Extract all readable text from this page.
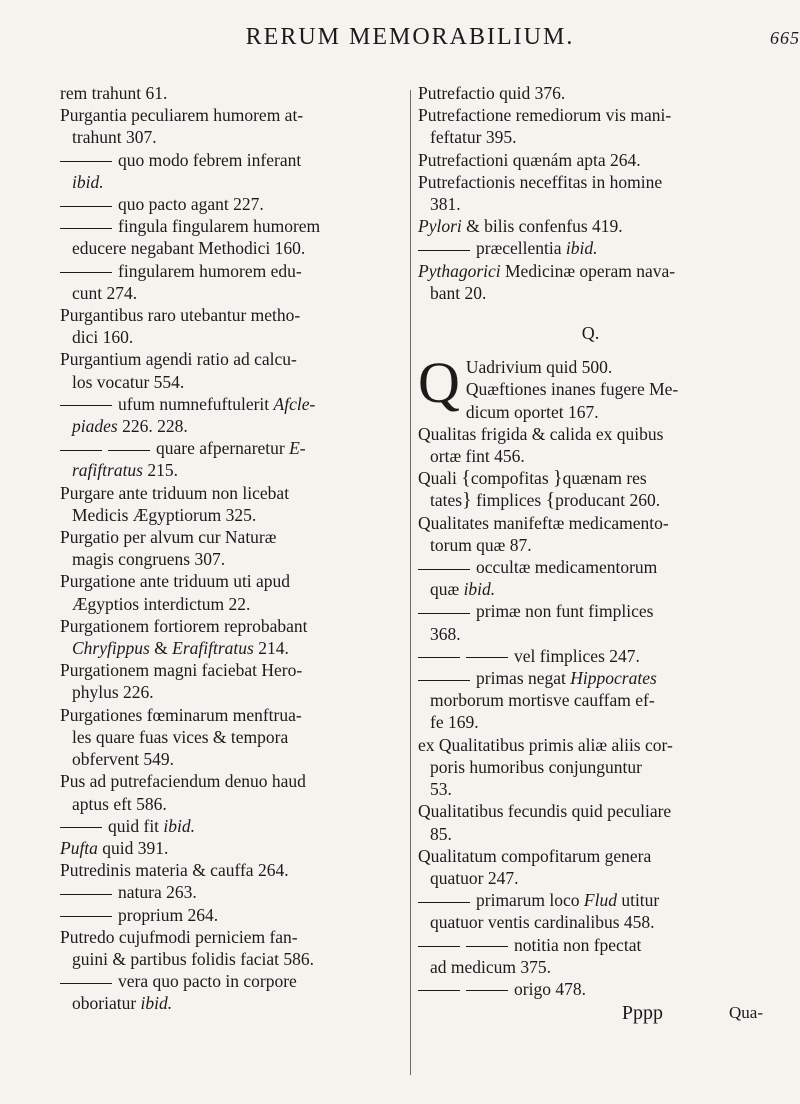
RERUM MEMORABILIUM.	665
rem trahunt 61.
Purgantia peculiarem humorem at-
trahunt 307.
quo modo febrem inferant
ibid.
quo pacto agant 227.
fingula fingularem humorem
educere negabant Methodici 160.
fingularem humorem edu-
cunt 274.
Purgantibus raro utebantur metho-
dici 160.
Purgantium agendi ratio ad calcu-
los vocatur 554.
ufum numnefuftulerit Afcle-
piades 226. 228.
quare afpernaretur E-
rafiftratus 215.
Purgare ante triduum non licebat
Medicis Ægyptiorum 325.
Purgatio per alvum cur Naturæ
magis congruens 307.
Purgatione ante triduum uti apud
Ægyptios interdictum 22.
Purgationem fortiorem reprobabant
Chryfippus & Erafiftratus 214.
Purgationem magni faciebat Hero-
phylus 226.
Purgationes fœminarum menftrua-
les quare fuas vices & tempora
obfervent 549.
Pus ad putrefaciendum denuo haud
aptus eft 586.
quid fit ibid.
Pufta quid 391.
Putredinis materia & cauffa 264.
natura 263.
proprium 264.
Putredo cujufmodi perniciem fan-
guini & partibus folidis faciat 586.
vera quo pacto in corpore
oboriatur ibid.
Putrefactio quid 376.
Putrefactione remediorum vis mani-
feftatur 395.
Putrefactioni quænám apta 264.
Putrefactionis neceffitas in homine
381.
Pylori & bilis confenfus 419.
præcellentia ibid.
Pythagorici Medicinæ operam nava-
bant 20.
Q.
Q Uadrivium quid 500.
Quæftiones inanes fugere Me-
dicum oportet 167.
Qualitas frigida & calida ex quibus
ortæ fint 456.
Quali {compofitas }quænam res
tates} fimplices {producant 260.
Qualitates manifeftæ medicamento-
torum quæ 87.
occultæ medicamentorum
quæ ibid.
primæ non funt fimplices
368.
vel fimplices 247.
primas negat Hippocrates
morborum mortisve cauffam ef-
fe 169.
ex Qualitatibus primis aliæ aliis cor-
poris humoribus conjunguntur
53.
Qualitatibus fecundis quid peculiare
85.
Qualitatum compofitarum genera
quatuor 247.
primarum loco Flud utitur
quatuor ventis cardinalibus 458.
notitia non fpectat
ad medicum 375.
origo 478.
Pppp	Qua-
